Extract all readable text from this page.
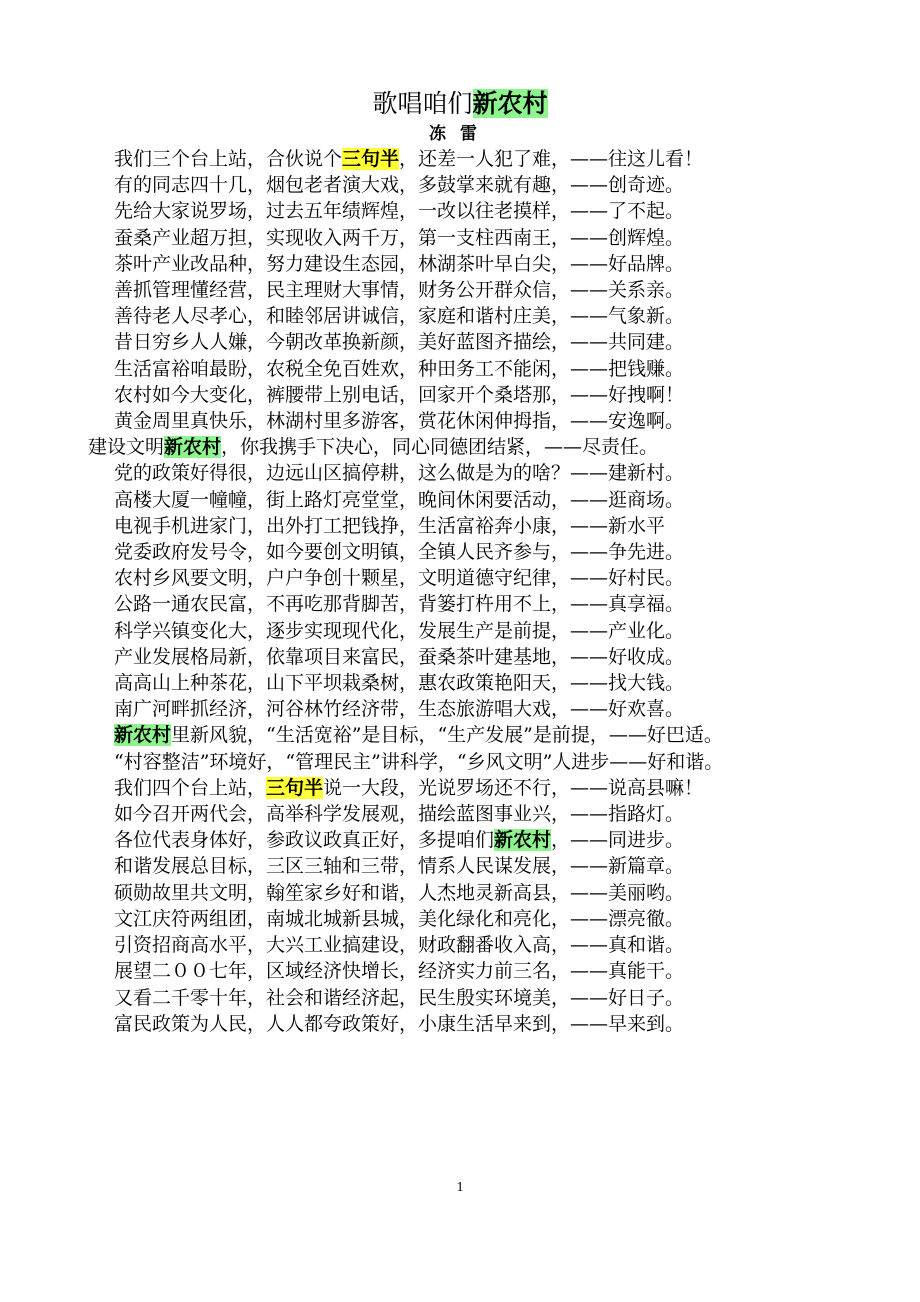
歌唱咱们新农村
冻雷
我们三个台上站，合伙说个三句半，还差一人犯了难，——往这儿看！
有的同志四十几，烟包老者演大戏，多鼓掌来就有趣，——创奇迹。
先给大家说罗场，过去五年绩辉煌，一改以往老摸样，——了不起。
蚕桑产业超万担，实现收入两千万，第一支柱西南王，——创辉煌。
茶叶产业改品种，努力建设生态园，林湖茶叶早白尖，——好品牌。
善抓管理懂经营，民主理财大事情，财务公开群众信，——关系亲。
善待老人尽孝心，和睦邻居讲诚信，家庭和谐村庄美，——气象新。
昔日穷乡人人嫌，今朝改革换新颜，美好蓝图齐描绘，——共同建。
生活富裕咱最盼，农税全免百姓欢，种田务工不能闲，——把钱赚。
农村如今大变化，裤腰带上别电话，回家开个桑塔那，——好拽啊！
黄金周里真快乐，林湖村里多游客，赏花休闲伸拇指，——安逸啊。
建设文明新农村，你我携手下决心，同心同德团结紧，——尽责任。
党的政策好得很，边远山区搞停耕，这么做是为的啥？——建新村。
高楼大厦一幢幢，街上路灯亮堂堂，晚间休闲要活动，——逛商场。
电视手机进家门，出外打工把钱挣，生活富裕奔小康，——新水平
党委政府发号令，如今要创文明镇，全镇人民齐参与，——争先进。
农村乡风要文明，户户争创十颗星，文明道德守纪律，——好村民。
公路一通农民富，不再吃那背脚苦，背篓打杵用不上，——真享福。
科学兴镇变化大，逐步实现现代化，发展生产是前提，——产业化。
产业发展格局新，依靠项目来富民，蚕桑茶叶建基地，——好收成。
高高山上种茶花，山下平坝栽桑树，惠农政策艳阳天，——找大钱。
南广河畔抓经济，河谷林竹经济带，生态旅游唱大戏，——好欢喜。
新农村里新风貌，“生活宽裕”是目标，“生产发展”是前提，——好巴适。
“村容整洁”环境好，“管理民主”讲科学，“乡风文明”人进步——好和谐。
我们四个台上站，三句半说一大段，光说罗场还不行，——说高县嘛！
如今召开两代会，高举科学发展观，描绘蓝图事业兴，——指路灯。
各位代表身体好，参政议政真正好，多提咱们新农村，——同进步。
和谐发展总目标，三区三轴和三带，情系人民谋发展，——新篇章。
硕勋故里共文明，翰笙家乡好和谐，人杰地灵新高县，——美丽哟。
文江庆符两组团，南城北城新县城，美化绿化和亮化，——漂亮徹。
引资招商高水平，大兴工业搞建设，财政翻番收入高，——真和谐。
展望二００七年，区域经济快增长，经济实力前三名，——真能干。
又看二千零十年，社会和谐经济起，民生殷实环境美，——好日子。
富民政策为人民，人人都夸政策好，小康生活早来到，——早来到。
1
